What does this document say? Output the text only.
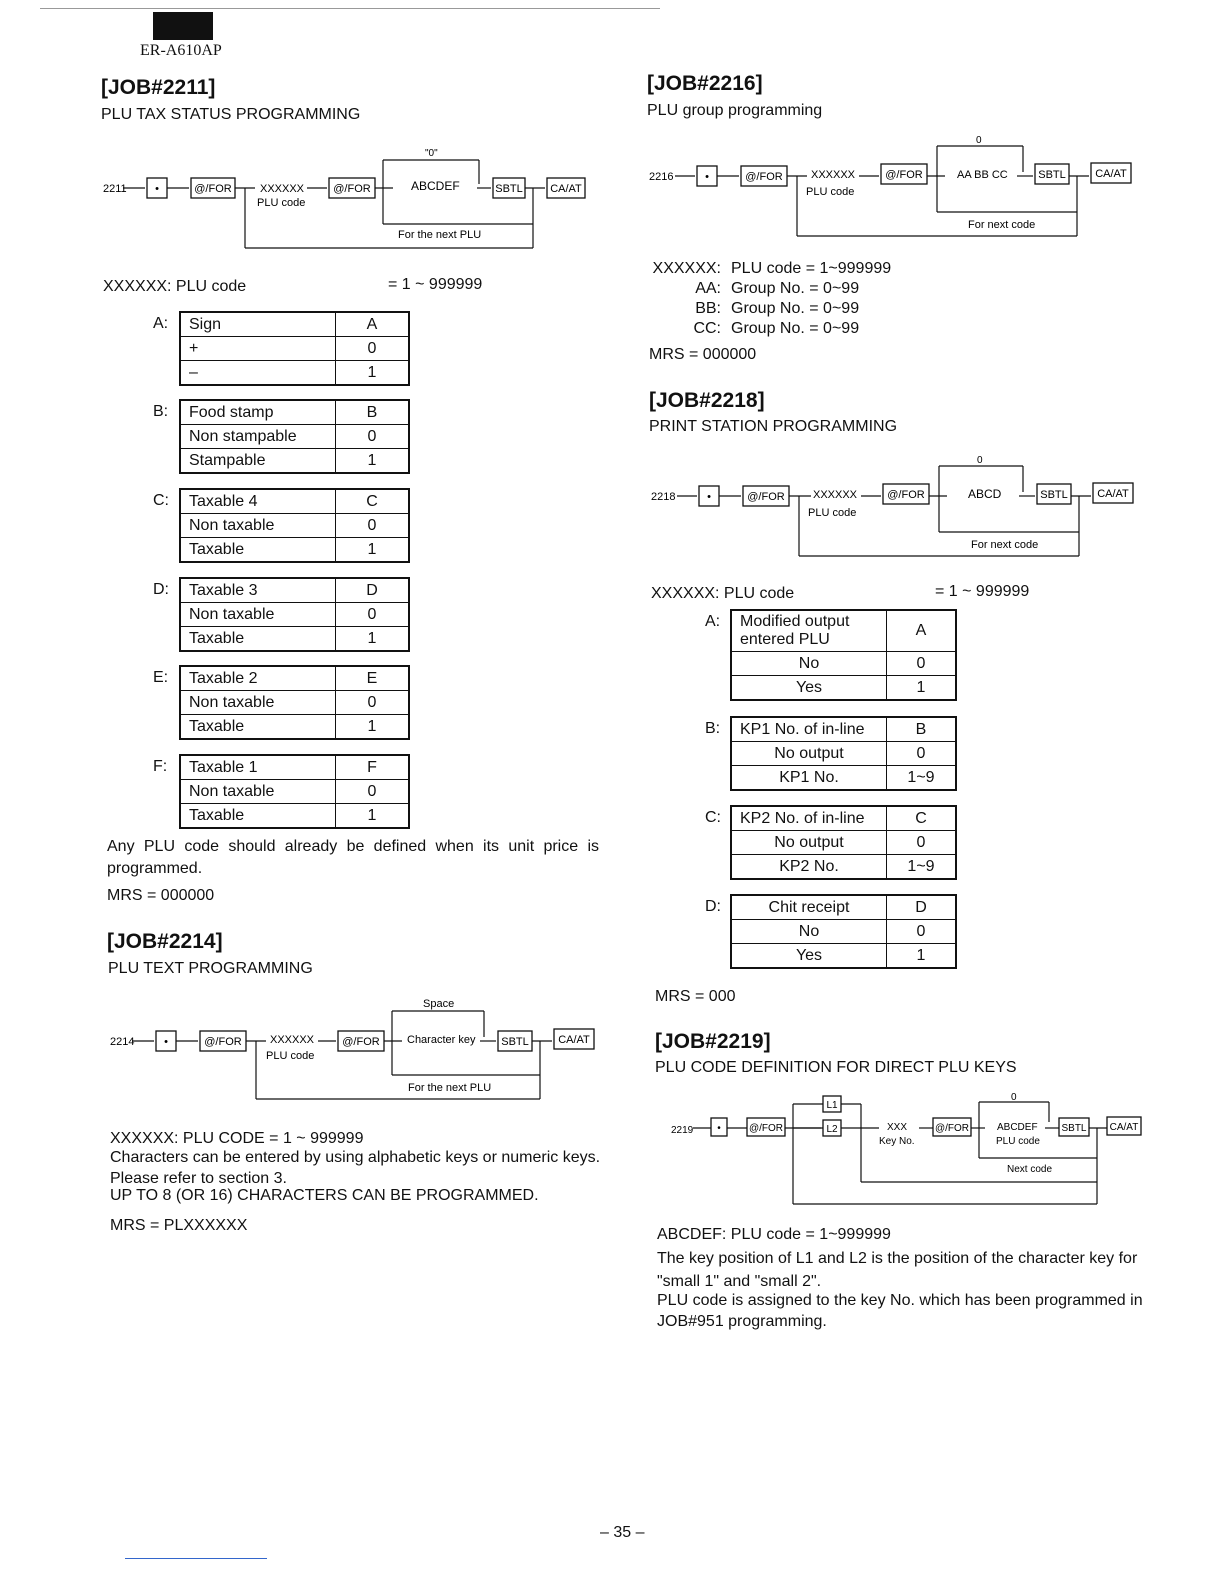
ER-A610AP
[JOB#2211]
PLU TAX STATUS PROGRAMMING
•	@/FOR	@/FOR	SBTL CA/AT
2211	XXXXXX
PLU code
"0"
ABCDEF
For the next PLU
XXXXXX: PLU code	= 1 ~ 999999
A: Sign	A
+	0
–	1
B: Food stamp	B
Non stampable	0
Stampable	1
C: Taxable 4	C
Non taxable	0
Taxable	1
D: Taxable 3	D
Non taxable	0
Taxable	1
E: Taxable 2	E
Non taxable	0
Taxable	1
F: Taxable 1	F
Non taxable	0
Taxable	1
Any PLU code should already be defined when its unit price is
programmed.
MRS = 000000
[JOB#2214]
PLU TEXT PROGRAMMING
•	@/FOR	@/FOR	SBTL	CA/AT
2214	XXXXXX
PLU code
Space
Character key
For the next PLU
XXXXXX: PLU CODE = 1 ~ 999999
Characters can be entered by using alphabetic keys or numeric keys.
Please refer to section 3.
UP TO 8 (OR 16) CHARACTERS CAN BE PROGRAMMED.
MRS = PLXXXXXX
[JOB#2216]
PLU group programming
•	@/FOR	@/FOR	SBTL	CA/AT
2216	XXXXXX
PLU code
0
AA BB CC
For next code
XXXXXX: PLU code = 1~999999
AA: Group No. = 0~99
BB: Group No. = 0~99
CC: Group No. = 0~99
MRS = 000000
[JOB#2218]
PRINT STATION PROGRAMMING
•	@/FOR	@/FOR	SBTL	CA/AT
2218	XXXXXX
PLU code
0
ABCD
For next code
XXXXXX: PLU code	= 1 ~ 999999
A: Modified output entered PLU	A
No	0
Yes	1
B: KP1 No. of in-line	B
No output	0
KP1 No.	1~9
C: KP2 No. of in-line	C
No output	0
KP2 No.	1~9
D:	Chit receipt	D
No	0
Yes	1
MRS = 000
[JOB#2219]
PLU CODE DEFINITION FOR DIRECT PLU KEYS
•	@/FOR
L1
L2	@/FOR	SBTL CA/AT
2219	XXX
Key No.
0
ABCDEF
PLU code
Next code
ABCDEF: PLU code = 1~999999
The key position of L1 and L2 is the position of the character key for
"small 1" and "small 2".
PLU code is assigned to the key No. which has been programmed in
JOB#951 programming.
– 35 –
